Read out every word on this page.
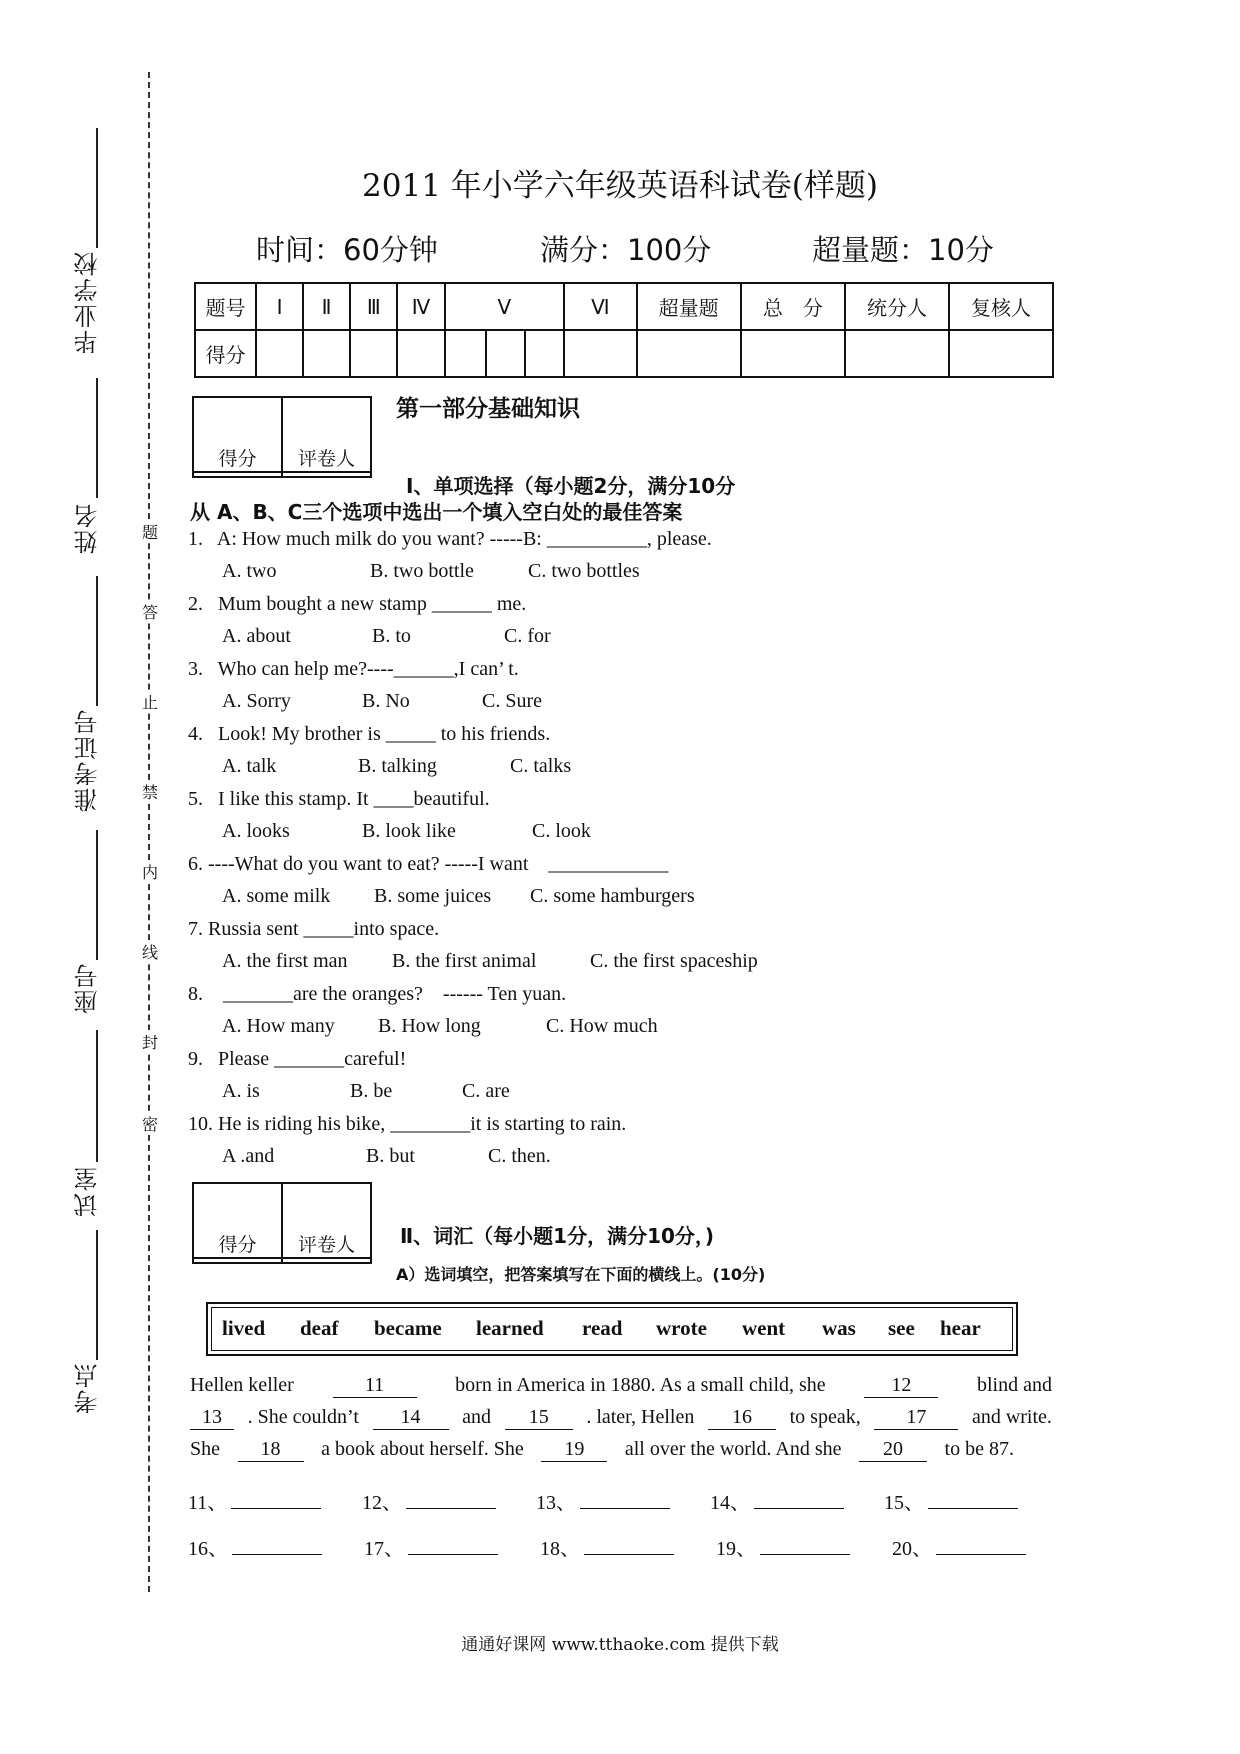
毕业学校
姓名
准考证号
座号
试室
考点
题
答
止
禁
内
线
封
密
2011 年小学六年级英语科试卷(样题)
时间：60分钟	满分：100分	超量题：10分
题号	Ⅰ	Ⅱ	Ⅲ	Ⅳ	Ⅴ			Ⅵ	超量题	总　分	统分人	复核人
得分												
得分	评卷人

第一部分基础知识
Ⅰ、单项选择（每小题2分，满分10分
从 A、B、C三个选项中选出一个填入空白处的最佳答案
1.   A: How much milk do you want? -----B: __________, please.
A. two	B. two bottle	C. two bottles
2.   Mum bought a new stamp ______ me.
A. about	B. to	C. for
3.   Who can help me?----______,I can’ t.
A. Sorry	B. No	C. Sure
4.   Look! My brother is _____ to his friends.
A. talk	B. talking	C. talks
5.   I like this stamp. It ____beautiful.
A. looks	B. look like	C. look
6. ----What do you want to eat? -----I want    ____________
A. some milk B. some juices C. some hamburgers
7. Russia sent _____into space.
A. the first man B. the first animal	C. the first spaceship
8.    _______are the oranges?    ------ Ten yuan.
A. How many B. How long	C. How much
9.   Please _______careful!
A. is	B. be	C. are
10. He is riding his bike, ________it is starting to rain.
A .and	B. but	C. then.
得分	评卷人
	Ⅱ、词汇（每小题1分，满分10分，)
A）选词填空，把答案填写在下面的横线上。(10分)
lived deaf became learned read wrote went was see hear
Hellen keller	11	born in America in 1880. As a small child, she	12	blind and
13	. She couldn’t	14	and	15	. later, Hellen	16	to speak,	17	and write.
She	18	a book about herself. She	19	all over the world. And she	20	to be 87.
11、	12、	13、	14、	15、
16、	17、	18、	19、	20、
通通好课网 www.tthaoke.com 提供下载
